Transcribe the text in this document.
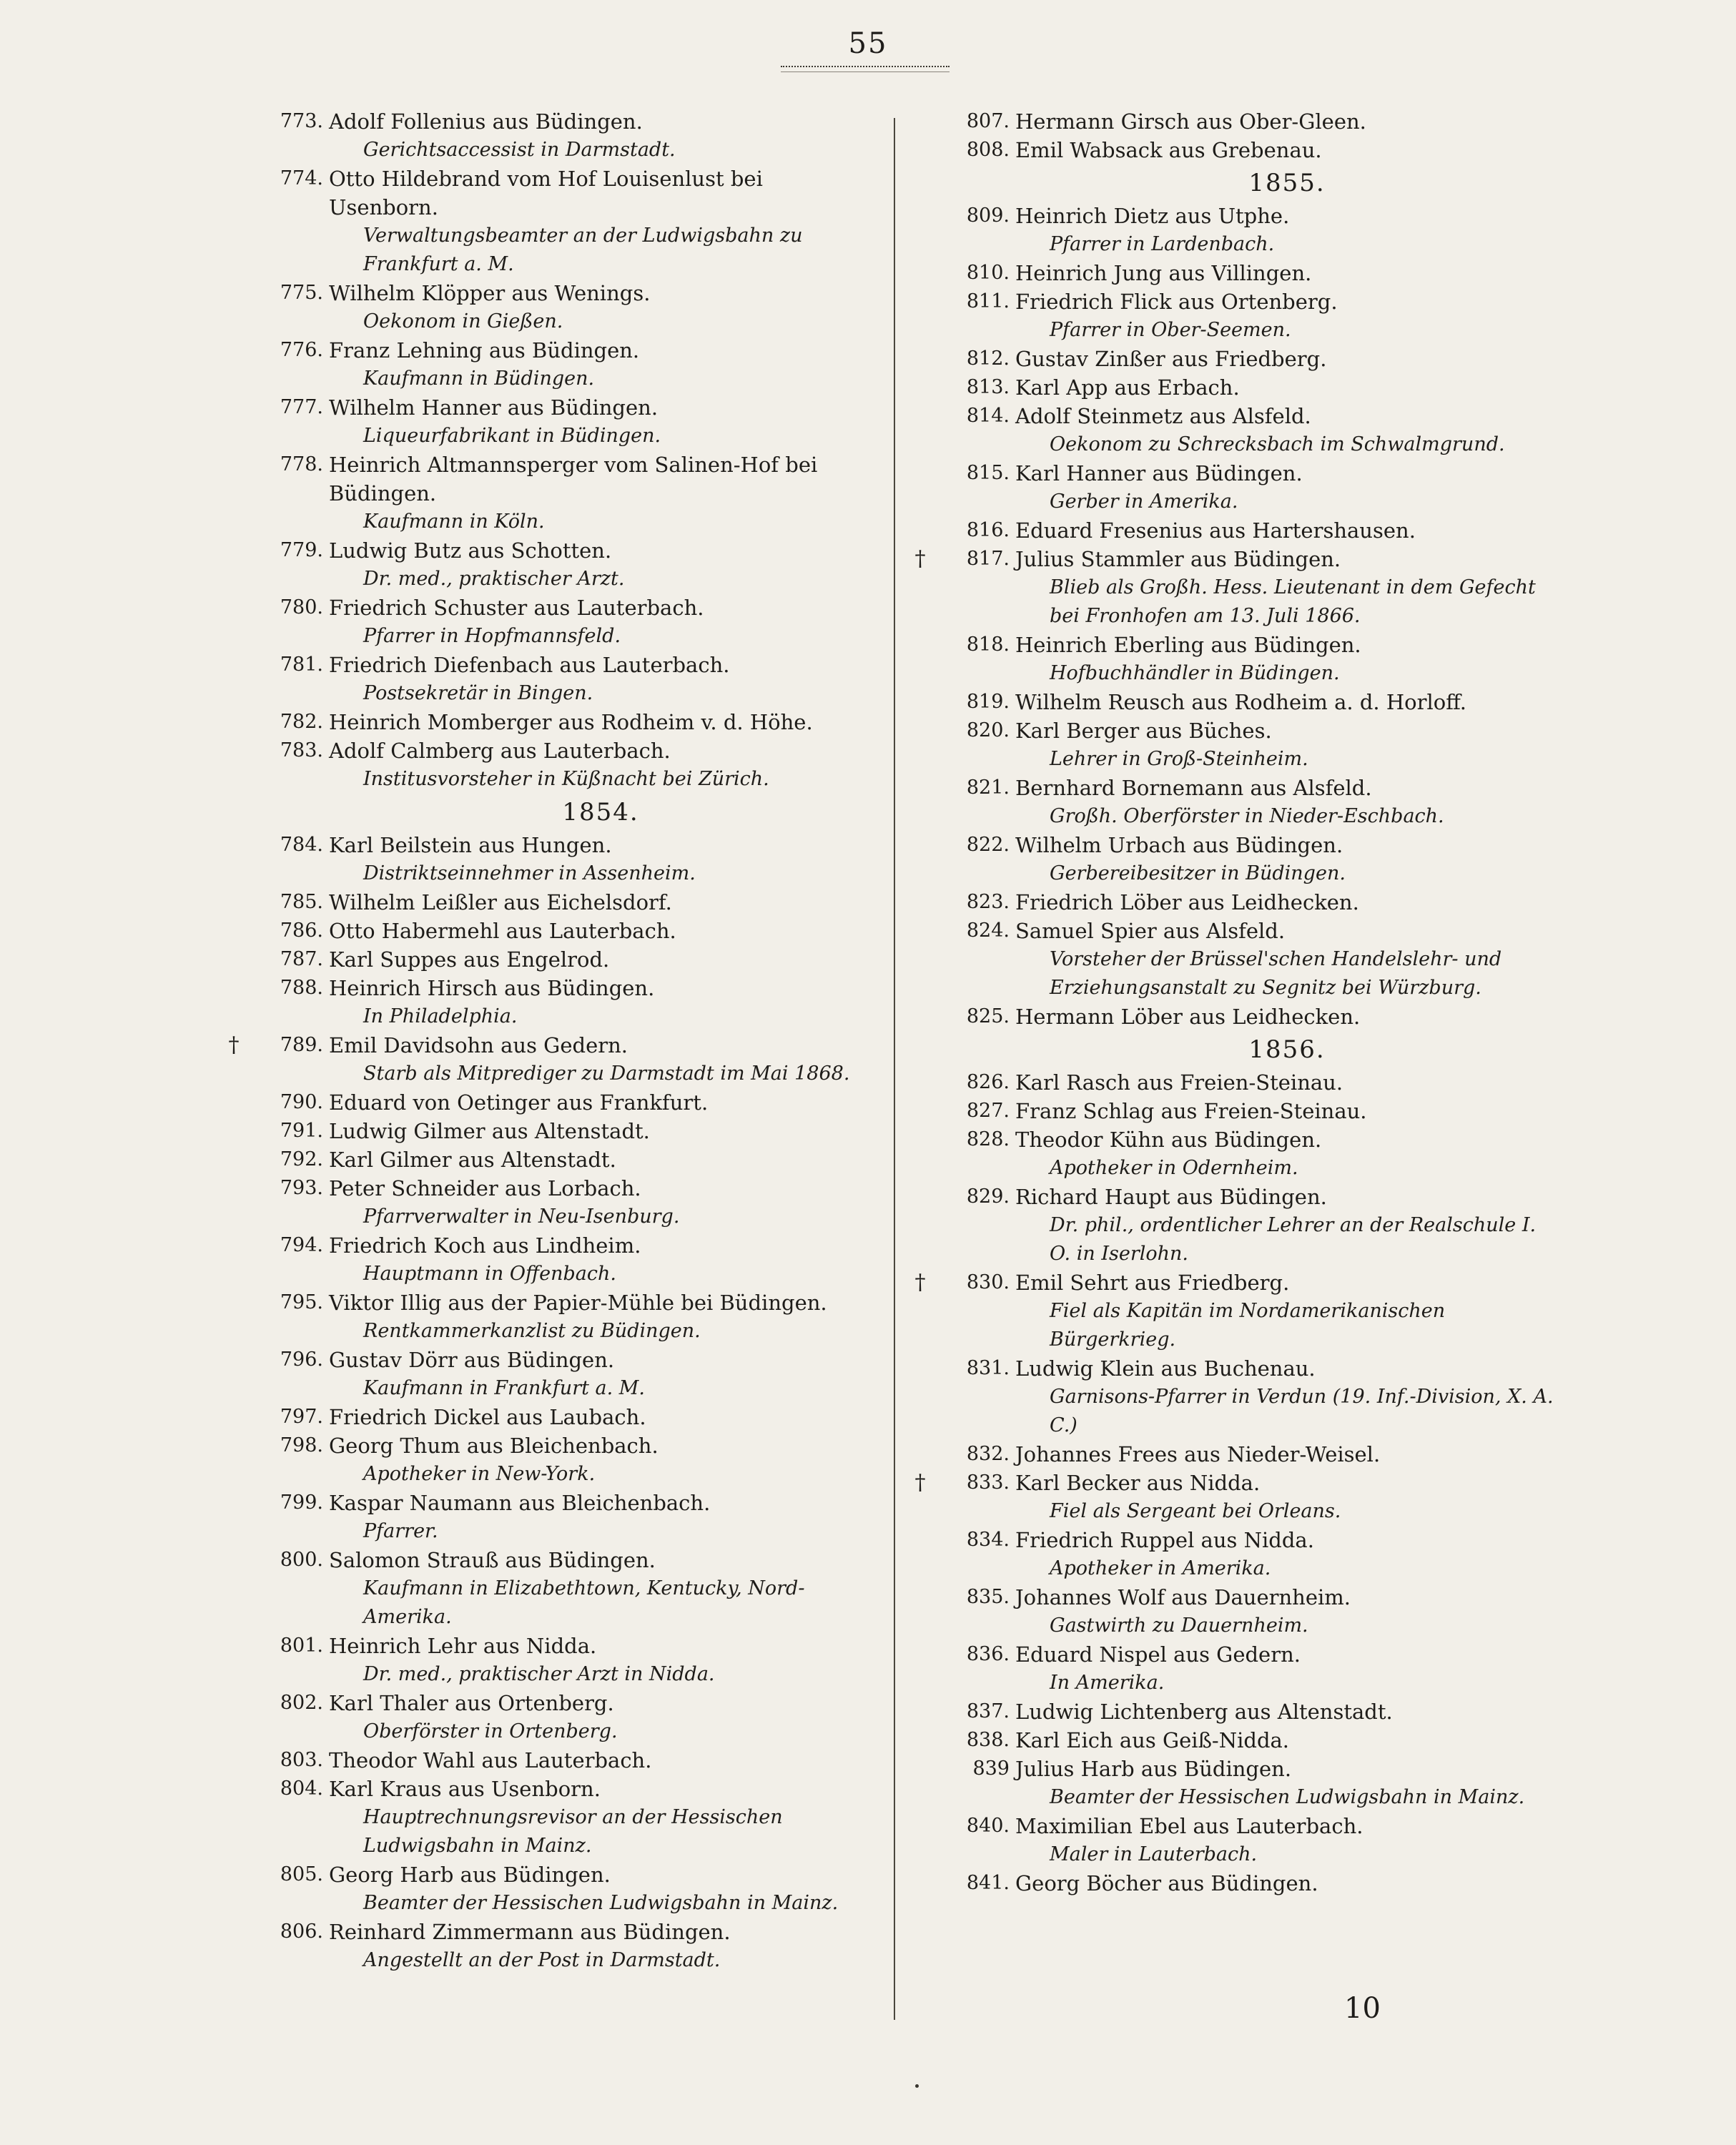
55
773. Adolf Follenius aus Büdingen.
Gerichtsaccessist in Darmstadt.
774. Otto Hildebrand vom Hof Louisenlust bei Usenborn.
Verwaltungsbeamter an der Ludwigsbahn zu Frankfurt a. M.
775. Wilhelm Klöpper aus Wenings.
Oekonom in Gießen.
776. Franz Lehning aus Büdingen.
Kaufmann in Büdingen.
777. Wilhelm Hanner aus Büdingen.
Liqueurfabrikant in Büdingen.
778. Heinrich Altmannsperger vom Salinen-Hof bei Büdingen.
Kaufmann in Köln.
779. Ludwig Butz aus Schotten.
Dr. med., praktischer Arzt.
780. Friedrich Schuster aus Lauterbach.
Pfarrer in Hopfmannsfeld.
781. Friedrich Diefenbach aus Lauterbach.
Postsekretär in Bingen.
782. Heinrich Momberger aus Rodheim v. d. Höhe.
783. Adolf Calmberg aus Lauterbach.
Institusvorsteher in Küßnacht bei Zürich.
1854.
784. Karl Beilstein aus Hungen.
Distriktseinnehmer in Assenheim.
785. Wilhelm Leißler aus Eichelsdorf.
786. Otto Habermehl aus Lauterbach.
787. Karl Suppes aus Engelrod.
788. Heinrich Hirsch aus Büdingen.
In Philadelphia.
†	789. Emil Davidsohn aus Gedern.
Starb als Mitprediger zu Darmstadt im Mai 1868.
790. Eduard von Oetinger aus Frankfurt.
791. Ludwig Gilmer aus Altenstadt.
792. Karl Gilmer aus Altenstadt.
793. Peter Schneider aus Lorbach.
Pfarrverwalter in Neu-Isenburg.
794. Friedrich Koch aus Lindheim.
Hauptmann in Offenbach.
795. Viktor Illig aus der Papier-Mühle bei Büdingen.
Rentkammerkanzlist zu Büdingen.
796. Gustav Dörr aus Büdingen.
Kaufmann in Frankfurt a. M.
797. Friedrich Dickel aus Laubach.
798. Georg Thum aus Bleichenbach.
Apotheker in New-York.
799. Kaspar Naumann aus Bleichenbach.
Pfarrer.
800. Salomon Strauß aus Büdingen.
Kaufmann in Elizabethtown, Kentucky, Nord-Amerika.
801. Heinrich Lehr aus Nidda.
Dr. med., praktischer Arzt in Nidda.
802. Karl Thaler aus Ortenberg.
Oberförster in Ortenberg.
803. Theodor Wahl aus Lauterbach.
804. Karl Kraus aus Usenborn.
Hauptrechnungsrevisor an der Hessischen Ludwigsbahn in Mainz.
805. Georg Harb aus Büdingen.
Beamter der Hessischen Ludwigsbahn in Mainz.
806. Reinhard Zimmermann aus Büdingen.
Angestellt an der Post in Darmstadt.
807. Hermann Girsch aus Ober-Gleen.
808. Emil Wabsack aus Grebenau.
1855.
809. Heinrich Dietz aus Utphe.
Pfarrer in Lardenbach.
810. Heinrich Jung aus Villingen.
811. Friedrich Flick aus Ortenberg.
Pfarrer in Ober-Seemen.
812. Gustav Zinßer aus Friedberg.
813. Karl App aus Erbach.
814. Adolf Steinmetz aus Alsfeld.
Oekonom zu Schrecksbach im Schwalmgrund.
815. Karl Hanner aus Büdingen.
Gerber in Amerika.
816. Eduard Fresenius aus Hartershausen.
†	817. Julius Stammler aus Büdingen.
Blieb als Großh. Hess. Lieutenant in dem Gefecht bei Fronhofen am 13. Juli 1866.
818. Heinrich Eberling aus Büdingen.
Hofbuchhändler in Büdingen.
819. Wilhelm Reusch aus Rodheim a. d. Horloff.
820. Karl Berger aus Büches.
Lehrer in Groß-Steinheim.
821. Bernhard Bornemann aus Alsfeld.
Großh. Oberförster in Nieder-Eschbach.
822. Wilhelm Urbach aus Büdingen.
Gerbereibesitzer in Büdingen.
823. Friedrich Löber aus Leidhecken.
824. Samuel Spier aus Alsfeld.
Vorsteher der Brüssel'schen Handelslehr- und Erziehungsanstalt zu Segnitz bei Würzburg.
825. Hermann Löber aus Leidhecken.
1856.
826. Karl Rasch aus Freien-Steinau.
827. Franz Schlag aus Freien-Steinau.
828. Theodor Kühn aus Büdingen.
Apotheker in Odernheim.
829. Richard Haupt aus Büdingen.
Dr. phil., ordentlicher Lehrer an der Realschule I. O. in Iserlohn.
†	830. Emil Sehrt aus Friedberg.
Fiel als Kapitän im Nordamerikanischen Bürgerkrieg.
831. Ludwig Klein aus Buchenau.
Garnisons-Pfarrer in Verdun (19. Inf.-Division, X. A. C.)
832. Johannes Frees aus Nieder-Weisel.
†	833. Karl Becker aus Nidda.
Fiel als Sergeant bei Orleans.
834. Friedrich Ruppel aus Nidda.
Apotheker in Amerika.
835. Johannes Wolf aus Dauernheim.
Gastwirth zu Dauernheim.
836. Eduard Nispel aus Gedern.
In Amerika.
837. Ludwig Lichtenberg aus Altenstadt.
838. Karl Eich aus Geiß-Nidda.
839 Julius Harb aus Büdingen.
Beamter der Hessischen Ludwigsbahn in Mainz.
840. Maximilian Ebel aus Lauterbach.
Maler in Lauterbach.
841. Georg Böcher aus Büdingen.
10
